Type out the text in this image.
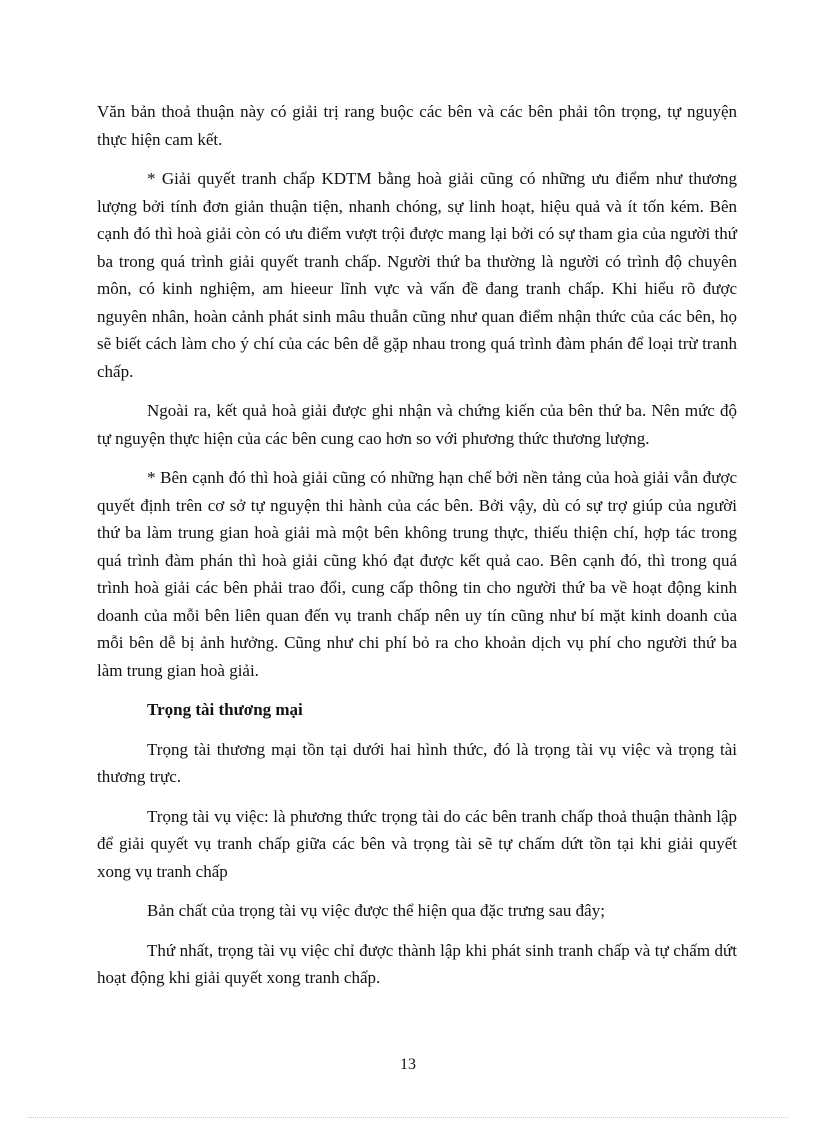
Văn bản thoả thuận này có giải trị rang buộc các bên và các bên phải tôn trọng, tự nguyện thực hiện cam kết.

* Giải quyết tranh chấp KDTM bằng hoà giải cũng có những ưu điểm như thương lượng bởi tính đơn giản thuận tiện, nhanh chóng, sự linh hoạt, hiệu quả và ít tốn kém. Bên cạnh đó thì hoà giải còn có ưu điểm vượt trội được mang lại bởi có sự tham gia của người thứ ba trong quá trình giải quyết tranh chấp. Người thứ ba thường là người có trình độ chuyên môn, có kinh nghiệm, am hieeur lĩnh vực và vấn đề đang tranh chấp. Khi hiểu rõ được nguyên nhân, hoàn cảnh phát sinh mâu thuẫn cũng như quan điểm nhận thức của các bên, họ sẽ biết cách làm cho ý chí của các bên dễ gặp nhau trong quá trình đàm phán để loại trừ tranh chấp.

Ngoài ra, kết quả hoà giải được ghi nhận và chứng kiến của bên thứ ba. Nên mức độ tự nguyện thực hiện của các bên cung cao hơn so với phương thức thương lượng.

* Bên cạnh đó thì hoà giải cũng có những hạn chế bởi nền tảng của hoà giải vẫn được quyết định trên cơ sở tự nguyện thi hành của các bên. Bởi vậy, dù có sự trợ giúp của người thứ ba làm trung gian hoà giải mà một bên không trung thực, thiếu thiện chí, hợp tác trong quá trình đàm phán thì hoà giải cũng khó đạt được kết quả cao. Bên cạnh đó, thì trong quá trình hoà giải các bên phải trao đổi, cung cấp thông tin cho người thứ ba về hoạt động kinh doanh của mỗi bên liên quan đến vụ tranh chấp nên uy tín cũng như bí mặt kinh doanh của mỗi bên dễ bị ảnh hưởng. Cũng như chi phí bỏ ra cho khoản dịch vụ phí cho người thứ ba làm trung gian hoà giải.

Trọng tài thương mại

Trọng tài thương mại tồn tại dưới hai hình thức, đó là trọng tài vụ việc và trọng tài thương trực.

Trọng tài vụ việc: là phương thức trọng tài do các bên tranh chấp thoả thuận thành lập để giải quyết vụ tranh chấp giữa các bên và trọng tài sẽ tự chấm dứt tồn tại khi giải quyết xong vụ tranh chấp

Bản chất của trọng tài vụ việc được thể hiện qua đặc trưng sau đây;

Thứ nhất, trọng tài vụ việc chỉ được thành lập khi phát sinh tranh chấp và tự chấm dứt hoạt động khi giải quyết xong tranh chấp.

13
